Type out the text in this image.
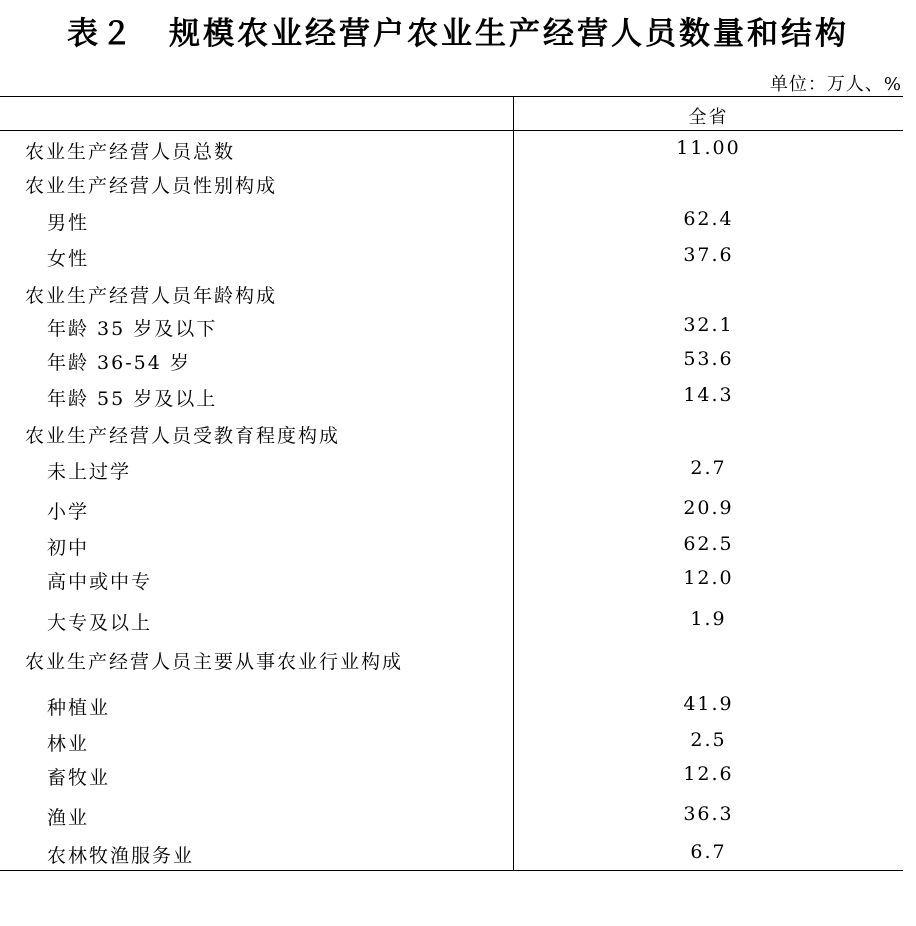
表２　规模农业经营户农业生产经营人员数量和结构
单位：万人、%
全省
农业生产经营人员总数	11.00
农业生产经营人员性别构成
男性	62.4
女性	37.6
农业生产经营人员年龄构成
年龄 35 岁及以下	32.1
年龄 36-54 岁	53.6
年龄 55 岁及以上	14.3
农业生产经营人员受教育程度构成
未上过学	2.7
小学	20.9
初中	62.5
高中或中专	12.0
大专及以上	1.9
农业生产经营人员主要从事农业行业构成
种植业	41.9
林业	2.5
畜牧业	12.6
渔业	36.3
农林牧渔服务业	6.7
